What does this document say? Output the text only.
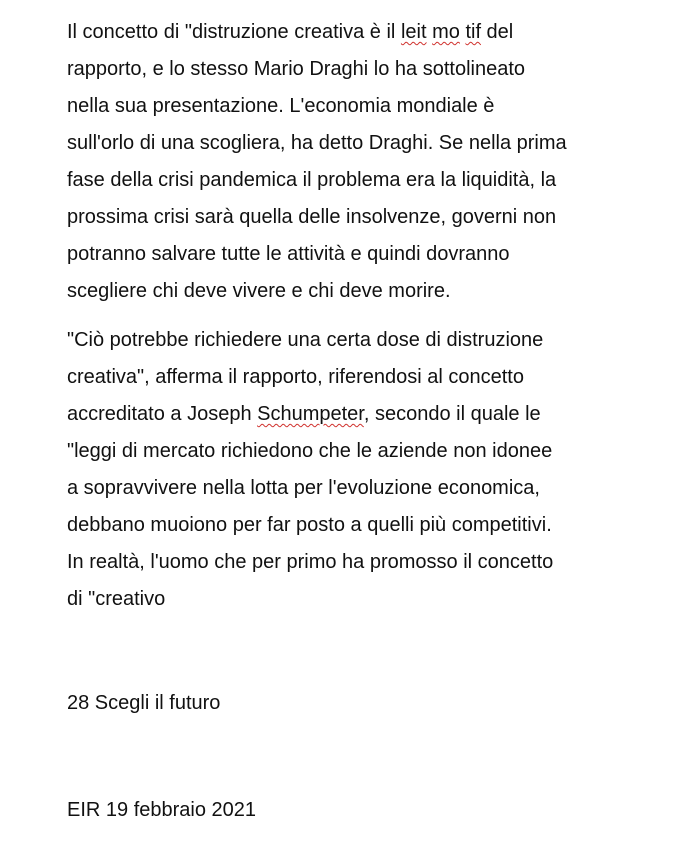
Il concetto di "distruzione creativa è il leit mo tif del
rapporto, e lo stesso Mario Draghi lo ha sottolineato
nella sua presentazione. L'economia mondiale è
sull'orlo di una scogliera, ha detto Draghi. Se nella prima
fase della crisi pandemica il problema era la liquidità, la
prossima crisi sarà quella delle insolvenze, governi non
potranno salvare tutte le attività e quindi dovranno
scegliere chi deve vivere e chi deve morire.

"Ciò potrebbe richiedere una certa dose di distruzione
creativa", afferma il rapporto, riferendosi al concetto
accreditato a Joseph Schumpeter, secondo il quale le
"leggi di mercato richiedono che le aziende non idonee
a sopravvivere nella lotta per l'evoluzione economica,
debbano muoiono per far posto a quelli più competitivi.
In realtà, l'uomo che per primo ha promosso il concetto
di "creativo

28 Scegli il futuro
EIR 19 febbraio 2021
